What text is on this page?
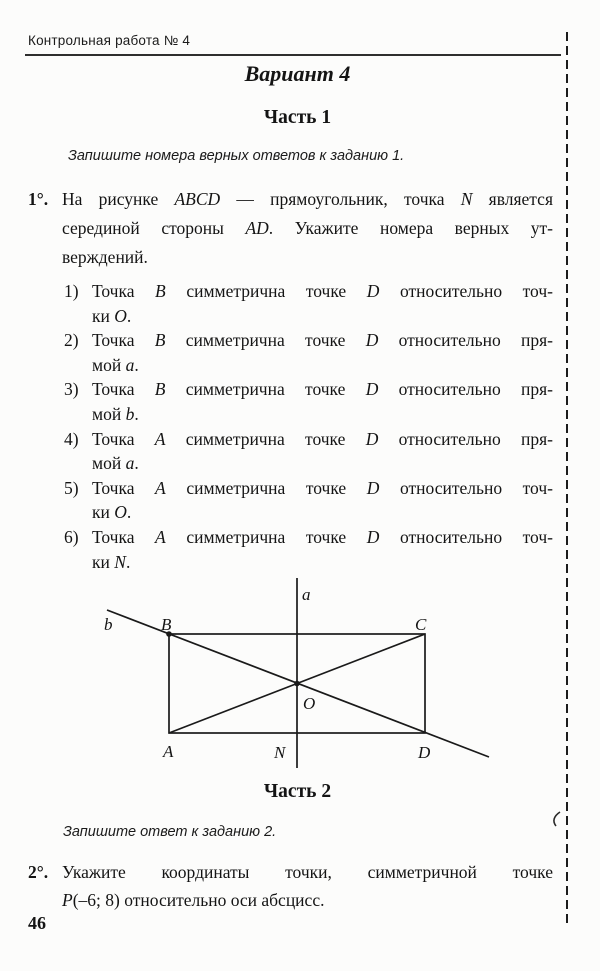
Контрольная работа № 4
Вариант 4
Часть 1
Запишите номера верных ответов к заданию 1.
1°. На рисунке ABCD — прямоугольник, точка N является
серединой стороны AD. Укажите номера верных ут-
верждений.
1) Точка B симметрична точке D относительно точ-
ки O.
2) Точка B симметрична точке D относительно пря-
мой a.
3) Точка B симметрична точке D относительно пря-
мой b.
4) Точка A симметрична точке D относительно пря-
мой a.
5) Точка A симметрична точке D относительно точ-
ки O.
6) Точка A симметрична точке D относительно точ-
ки N.
a
b	B	C
O
A	N	D
Часть 2
Запишите ответ к заданию 2.
2°. Укажите координаты точки, симметричной точке
P(–6; 8) относительно оси абсцисс.
46
